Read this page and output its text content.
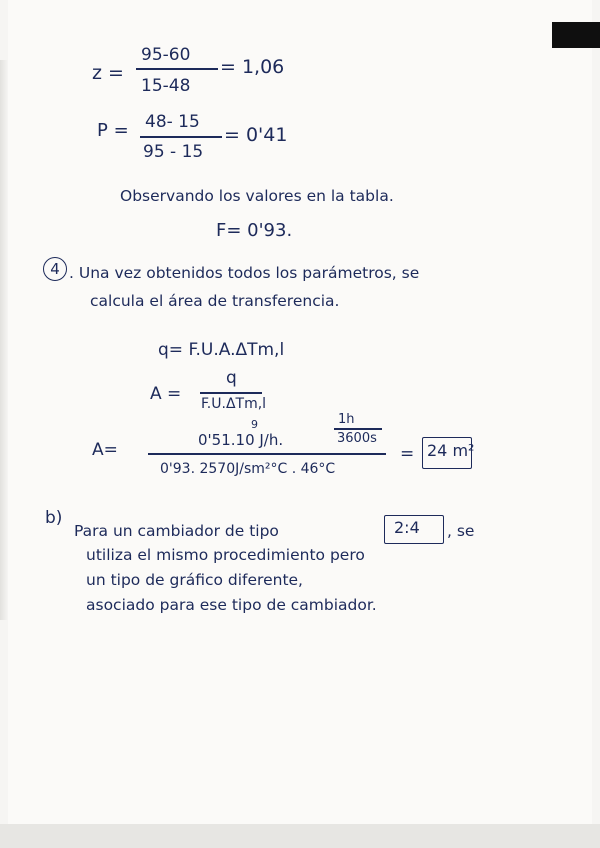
z =
95-60
15-48
= 1,06
P = 48- 15
95 - 15
= 0'41
Observando los valores en la tabla.
F= 0'93.
4 . Una vez obtenidos todos los parámetros, se
calcula el área de transferencia.
q= F.U.A.ΔTm,l
A =
q
F.U.ΔTm,l
A=
1h
9
0'51.10 J/h.	3600s
0'93. 2570J/sm²°C . 46°C
= 24 m²
b)
Para un cambiador de tipo	2:4 , se
utiliza el mismo procedimiento pero
un tipo de gráfico diferente,
asociado para ese tipo de cambiador.
